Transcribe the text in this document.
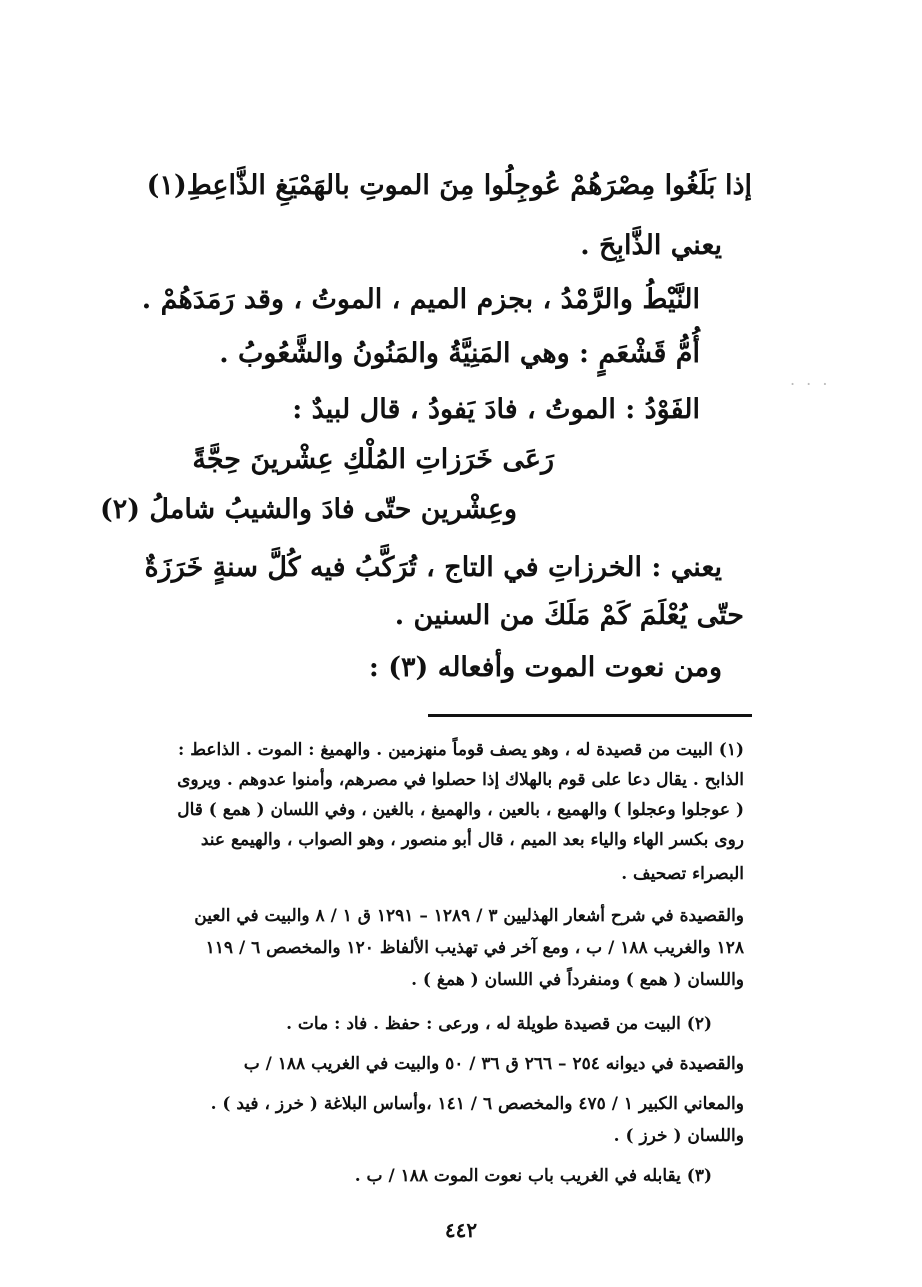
إذا بَلَغُوا مِصْرَهُمْ عُوجِلُوا مِنَ الموتِ بالهَمْيَغِ الذَّاعِطِ(١)
يعني الذَّابِحَ .
النَّيْطُ والرَّمْدُ ، بجزم الميم ، الموتُ ، وقد رَمَدَهُمْ .
أُمُّ قَشْعَمٍ : وهي المَنِيَّةُ والمَنُونُ والشَّعُوبُ .
الفَوْدُ : الموتُ ، فادَ يَفودُ ، قال لبيدٌ :
رَعَى خَرَزاتِ المُلْكِ عِشْرينَ حِجَّةً
وعِشْرين حتّى فادَ والشيبُ شاملُ (٢)
يعني : الخرزاتِ في التاج ، تُرَكَّبُ فيه كُلَّ سنةٍ خَرَزَةٌ
حتّى يُعْلَمَ كَمْ مَلَكَ من السنين .
ومن نعوت الموت وأفعاله (٣) :
. . .
(١) البيت من قصيدة له ، وهو يصف قوماً منهزمين . والهميغ : الموت . الذاعط :
الذابح . يقال دعا على قوم بالهلاك إذا حصلوا في مصرهم، وأمنوا عدوهم . ويروى
( عوجلوا وعجلوا ) والهميع ، بالعين ، والهميغ ، بالغين ، وفي اللسان ( همع ) قال
روى بكسر الهاء والياء بعد الميم ، قال أبو منصور ، وهو الصواب ، والهيمع عند
البصراء تصحيف .
والقصيدة في شرح أشعار الهذليين ٣ / ١٢٨٩ – ١٢٩١ ق ١ / ٨ والبيت في العين
١٢٨ والغريب ١٨٨ / ب ، ومع آخر في تهذيب الألفاظ ١٢٠ والمخصص ٦ / ١١٩
واللسان ( همع ) ومنفرداً في اللسان ( همغ ) .
(٢) البيت من قصيدة طويلة له ، ورعى : حفظ . فاد : مات .
والقصيدة في ديوانه ٢٥٤ – ٢٦٦ ق ٣٦ / ٥٠ والبيت في الغريب ١٨٨ / ب
والمعاني الكبير ١ / ٤٧٥ والمخصص ٦ / ١٤١ ،وأساس البلاغة ( خرز ، فيد ) .
واللسان ( خرز ) .
(٣) يقابله في الغريب باب نعوت الموت ١٨٨ / ب .
٤٤٢
